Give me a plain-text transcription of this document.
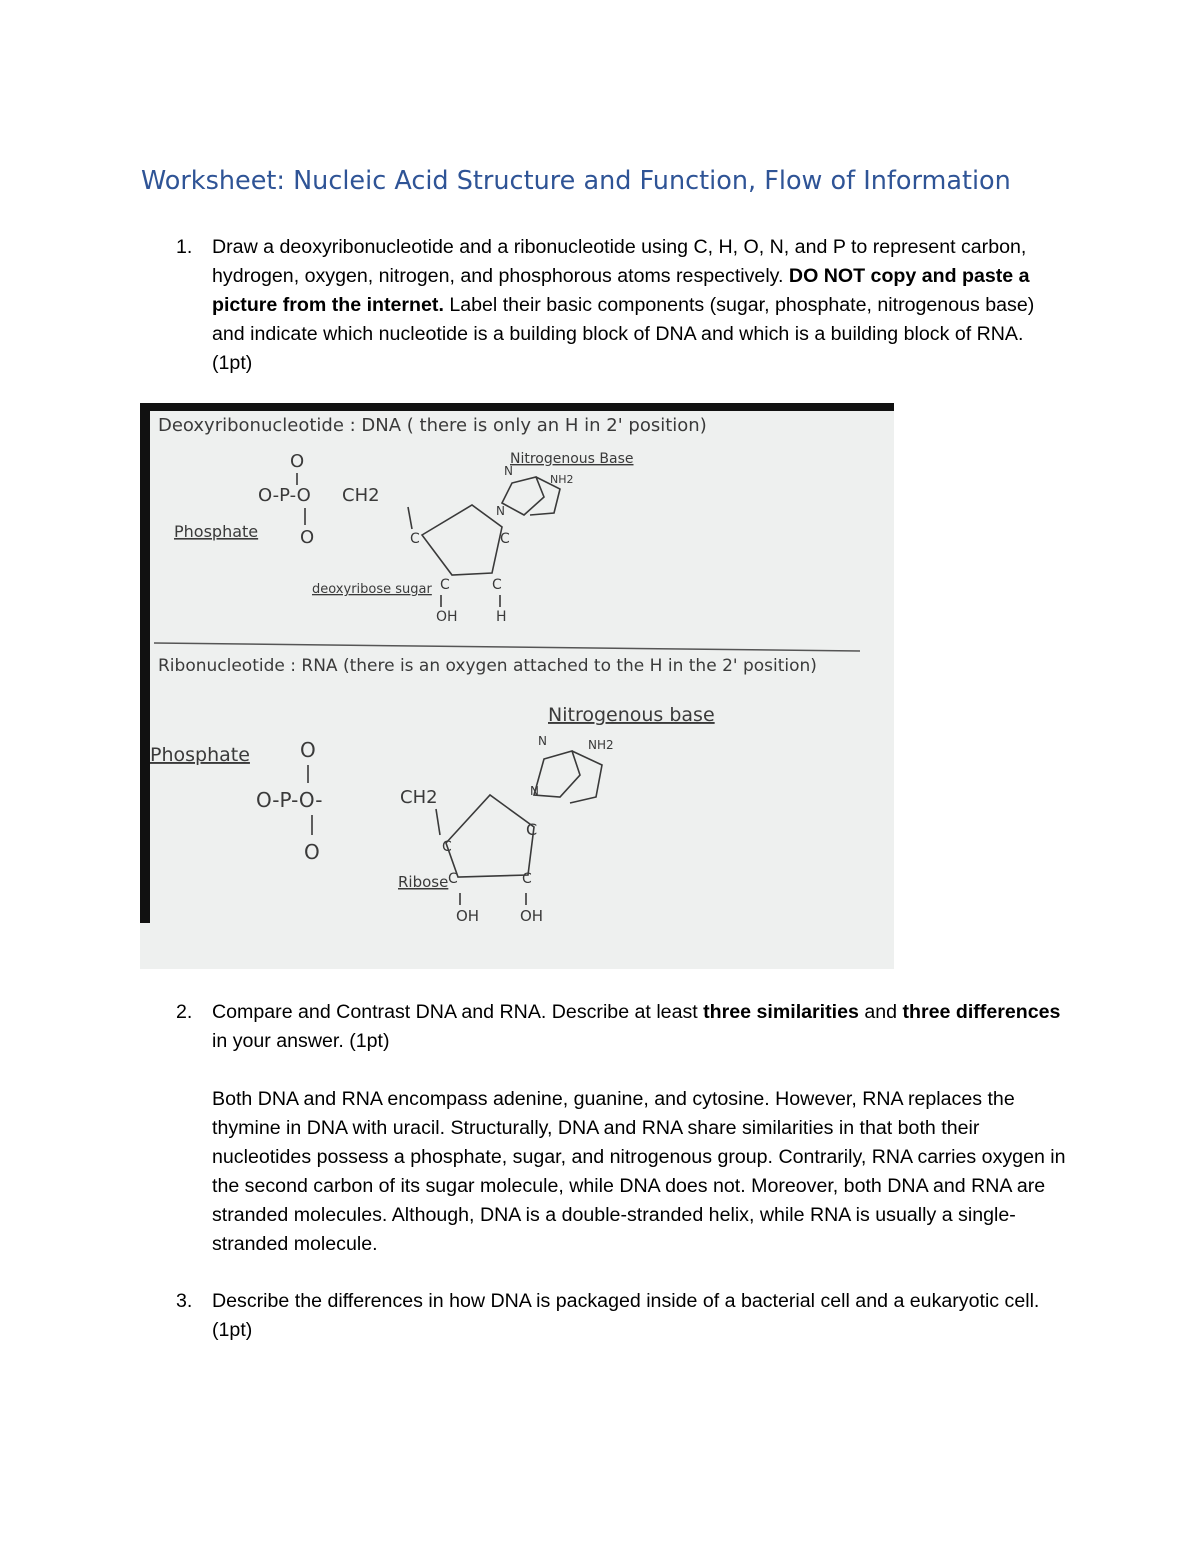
Worksheet: Nucleic Acid Structure and Function, Flow of Information
1.	Draw a deoxyribonucleotide and a ribonucleotide using C, H, O, N, and P to represent carbon, hydrogen, oxygen, nitrogen, and phosphorous atoms respectively. DO NOT copy and paste a picture from the internet. Label their basic components (sugar, phosphate, nitrogenous base) and indicate which nucleotide is a building block of DNA and which is a building block of RNA. (1pt)
Deoxyribonucleotide : DNA ( there is only an H in 2' position)
Nitrogenous Base
O
O-P-O CH2
O
Phosphate
deoxyribose sugar
C	C
C	C
OH	H
N
N
NH2
Ribonucleotide : RNA (there is an oxygen attached to the H in the 2' position)
Nitrogenous base
Phosphate	O
O-P-O-	CH2
O
Ribose
C
C
C	C
OH	OH
N
N
NH2
2.	Compare and Contrast DNA and RNA. Describe at least three similarities and three differences in your answer. (1pt)
Both DNA and RNA encompass adenine, guanine, and cytosine. However, RNA replaces the thymine in DNA with uracil. Structurally, DNA and RNA share similarities in that both their nucleotides possess a phosphate, sugar, and nitrogenous group. Contrarily, RNA carries oxygen in the second carbon of its sugar molecule, while DNA does not. Moreover, both DNA and RNA are stranded molecules. Although, DNA is a double-stranded helix, while RNA is usually a single-stranded molecule.
3.	Describe the differences in how DNA is packaged inside of a bacterial cell and a eukaryotic cell. (1pt)
